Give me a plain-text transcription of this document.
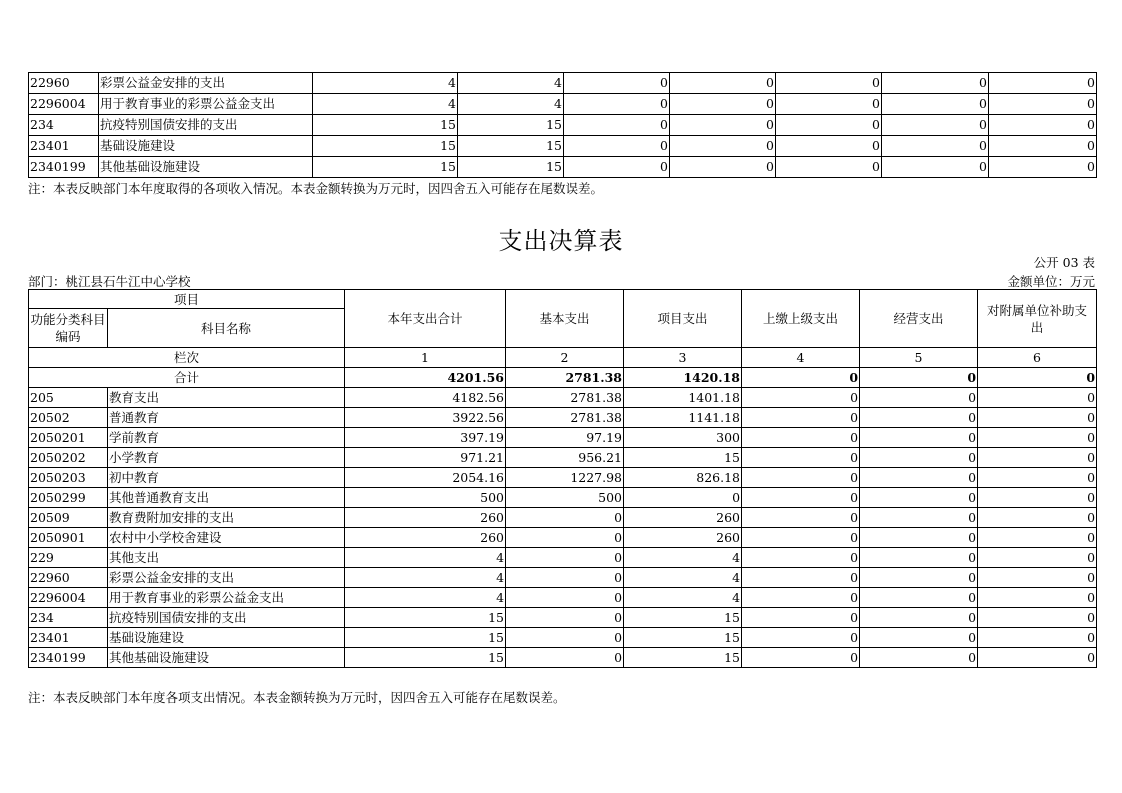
22960	彩票公益金安排的支出	4	4	0	0	0	0	0
2296004	用于教育事业的彩票公益金支出	4	4	0	0	0	0	0
234	抗疫特别国债安排的支出	15	15	0	0	0	0	0
23401	基础设施建设	15	15	0	0	0	0	0
2340199	其他基础设施建设	15	15	0	0	0	0	0
注：本表反映部门本年度取得的各项收入情况。本表金额转换为万元时，因四舍五入可能存在尾数误差。
支出决算表
公开 03 表
部门：桃江县石牛江中心学校	金额单位：万元
项目		本年支出合计	基本支出	项目支出	上缴上级支出	经营支出	对附属单位补助支出
功能分类科目编码	科目名称						
栏次		1	2	3	4	5	6
合计		4201.56	2781.38	1420.18	0	0	0
205	教育支出	4182.56	2781.38	1401.18	0	0	0
20502	普通教育	3922.56	2781.38	1141.18	0	0	0
2050201	学前教育	397.19	97.19	300	0	0	0
2050202	小学教育	971.21	956.21	15	0	0	0
2050203	初中教育	2054.16	1227.98	826.18	0	0	0
2050299	其他普通教育支出	500	500	0	0	0	0
20509	教育费附加安排的支出	260	0	260	0	0	0
2050901	农村中小学校舍建设	260	0	260	0	0	0
229	其他支出	4	0	4	0	0	0
22960	彩票公益金安排的支出	4	0	4	0	0	0
2296004	用于教育事业的彩票公益金支出	4	0	4	0	0	0
234	抗疫特别国债安排的支出	15	0	15	0	0	0
23401	基础设施建设	15	0	15	0	0	0
2340199	其他基础设施建设	15	0	15	0	0	0
注：本表反映部门本年度各项支出情况。本表金额转换为万元时，因四舍五入可能存在尾数误差。
